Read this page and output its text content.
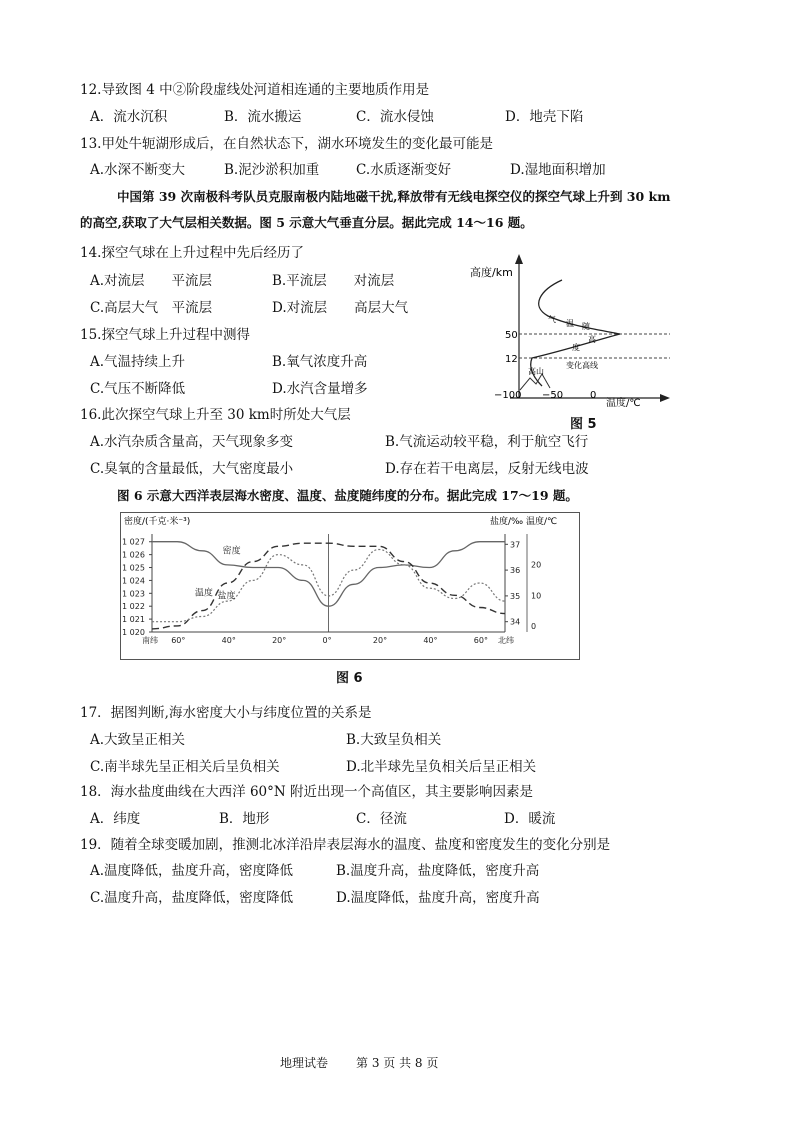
12.导致图 4 中②阶段虚线处河道相连通的主要地质作用是
A．流水沉积	B．流水搬运	C．流水侵蚀	D．地壳下陷
13.甲处牛轭湖形成后，在自然状态下，湖水环境发生的变化最可能是
A.水深不断变大	B.泥沙淤积加重	C.水质逐渐变好	D.湿地面积增加
中国第 39 次南极科考队员克服南极内陆地磁干扰,释放带有无线电探空仪的探空气球上升到 30 km
的高空,获取了大气层相关数据。图 5 示意大气垂直分层。据此完成 14～16 题。
14.探空气球在上升过程中先后经历了
A.对流层　　平流层	B.平流层　　对流层
C.高层大气　平流层	D.对流层　　高层大气
15.探空气球上升过程中测得
A.气温持续上升	B.氧气浓度升高
C.气压不断降低	D.水汽含量增多
16.此次探空气球上升至 30 km时所处大气层
A.水汽杂质含量高，天气现象多变	B.气流运动较平稳，利于航空飞行
C.臭氧的含量最低，大气密度最小	D.存在若干电离层，反射无线电波
高度/km
温度/℃
50
12
−100 −50	0
高山
气 温 随
高
度
变化高线
图 5
图 6 示意大西洋表层海水密度、温度、盐度随纬度的分布。据此完成 17～19 题。
密度/(千克·米⁻³)	盐度/‰ 温度/℃
1 027
1 026
1 025
1 024
1 023
1 022
1 021
1 020
37
36
35
34
20
10
0
南纬 60°	40°	20°	0°	20°	40°	60° 北纬
密度
温度 盐度
图 6
17．据图判断,海水密度大小与纬度位置的关系是
A.大致呈正相关	B.大致呈负相关
C.南半球先呈正相关后呈负相关	D.北半球先呈负相关后呈正相关
18．海水盐度曲线在大西洋 60°N 附近出现一个高值区，其主要影响因素是
A．纬度	B．地形	C．径流	D．暖流
19．随着全球变暖加剧，推测北冰洋沿岸表层海水的温度、盐度和密度发生的变化分别是
A.温度降低，盐度升高，密度降低	B.温度升高，盐度降低，密度升高
C.温度升高，盐度降低，密度降低	D.温度降低，盐度升高，密度升高
地理试卷 第 3 页 共 8 页
